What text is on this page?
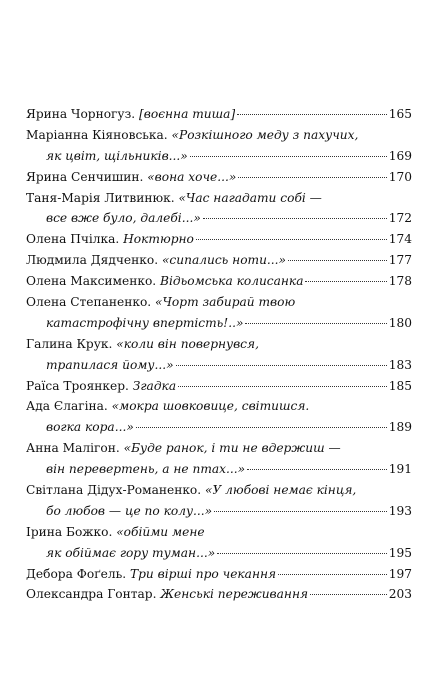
Ярина Чорногуз. [воєнна тиша]	165
Маріанна Кіяновська. «Розкішного меду з пахучих,
як цвіт, щільників...»	169
Ярина Сенчишин. «вона хоче...»	170
Таня-Марія Литвинюк. «Час нагадати собі —
все вже було, далебі...»	172
Олена Пчілка. Ноктюрно	174
Людмила Дядченко. «сипались ноти...»	177
Олена Максименко. Відьомська колисанка	178
Олена Степаненко. «Чорт забирай твою
катастрофічну впертість!..»	180
Галина Крук. «коли він повернувся,
трапилася йому...»	183
Раїса Троянкер. Згадка	185
Ада Єлагіна. «мокра шовковице, світишся.
вогка кора...»	189
Анна Малігон. «Буде ранок, і ти не вдержиш —
він перевертень, а не птах...»	191
Світлана Дідух-Романенко. «У любові немає кінця,
бо любов — це по колу...»	193
Ірина Божко. «обійми мене
як обіймає гору туман...»	195
Дебора Фоґель. Три вірші про чекання	197
Олександра Гонтар. Женські переживання	203
